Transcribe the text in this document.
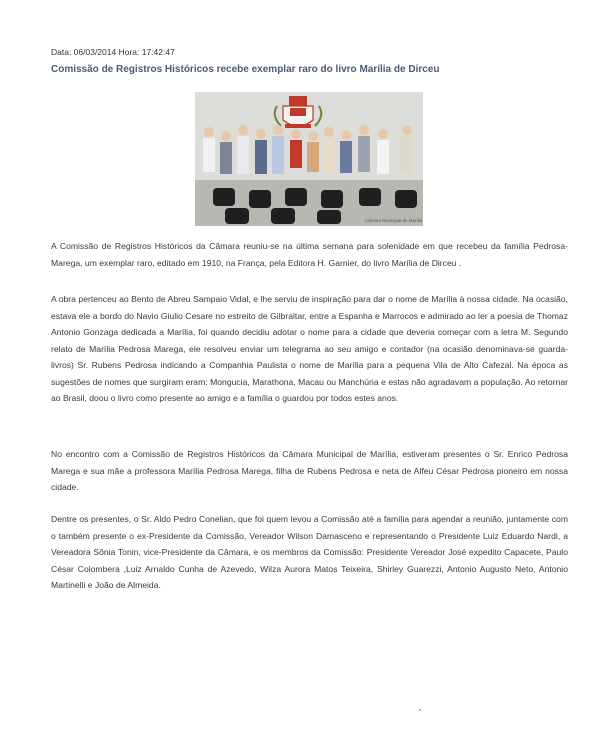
Data: 06/03/2014 Hora: 17:42:47
Comissão de Registros Históricos recebe exemplar raro do livro Marília de Dirceu
Câmara Municipal de Marília

A Comissão de Registros Históricos da Câmara reuniu-se na última semana para solenidade em que recebeu da família Pedrosa-Marega, um exemplar raro, editado em 1910, na França, pela Editora H. Garnier, do livro Marília de Dirceu .

A obra pertenceu ao Bento de Abreu Sampaio Vidal, e lhe serviu de inspiração para dar o nome de Marília à nossa cidade. Na ocasião, estava ele a bordo do Navio Giulio Cesare no estreito de Gilbraltar, entre a Espanha e Marrocos e admirado ao ler a poesia de Thomaz Antonio Gonzaga dedicada a Marília, foi quando decidiu adotar o nome para a cidade que deveria começar com a letra M. Segundo relato de Marília Pedrosa Marega, ele resolveu enviar um telegrama ao seu amigo e contador (na ocasião denominava-se guarda-livros) Sr. Rubens Pedrosa indicando a Companhia Paulista o nome de Marília para a pequena Vila de Alto Cafezal. Na época as sugestões de nomes que surgiram eram: Mongucia, Marathona, Macau ou Manchúria e estas não agradavam a população. Ao retornar ao Brasil, doou o livro como presente ao amigo e a família o guardou por todos estes anos.

No encontro com a Comissão de Registros Históricos da Câmara Municipal de Marília, estiveram presentes o Sr. Enrico Pedrosa Marega e sua mãe a professora Marília Pedrosa Marega, filha de Rubens Pedrosa e neta de Alfeu César Pedrosa pioneiro em nossa cidade.

Dentre os presentes, o Sr. Aldo Pedro Conelian, que foi quem levou a Comissão até a família para agendar a reunião, juntamente com o também presente o ex-Presidente da Comissão, Vereador Wilson Damasceno e representando o Presidente Luiz Eduardo Nardi, a Vereadora Sônia Tonin, vice-Presidente da Câmara, e os membros da Comissão: Presidente Vereador José expedito Capacete, Paulo César Colombera ,Luiz Arnaldo Cunha de Azevedo, Wilza Aurora Matos Teixeira, Shirley Guarezzi, Antonio Augusto Neto, Antonio Martinelli e João de Almeida.
